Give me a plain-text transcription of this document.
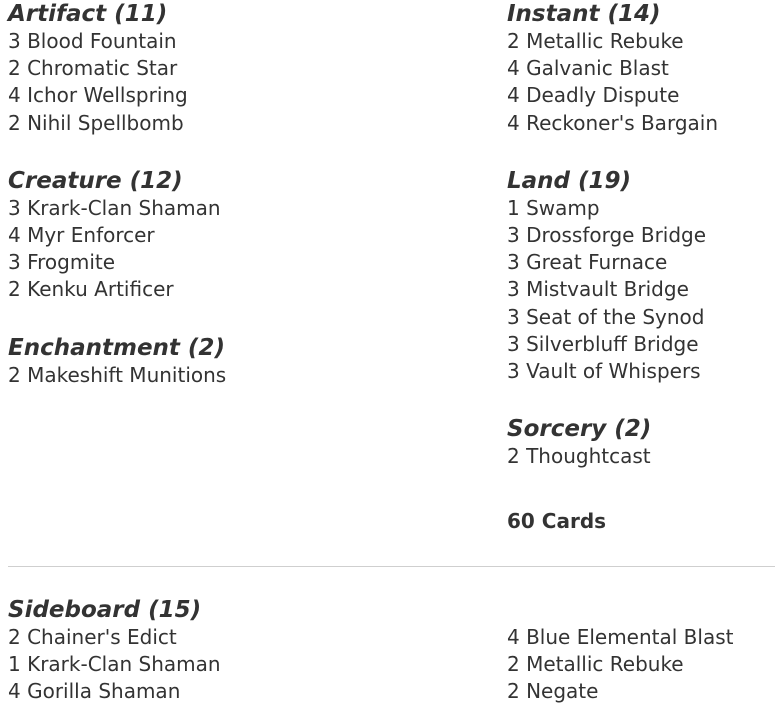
Artifact (11)
3 Blood Fountain
2 Chromatic Star
4 Ichor Wellspring
2 Nihil Spellbomb
Creature (12)
3 Krark-Clan Shaman
4 Myr Enforcer
3 Frogmite
2 Kenku Artificer
Enchantment (2)
2 Makeshift Munitions
Instant (14)
2 Metallic Rebuke
4 Galvanic Blast
4 Deadly Dispute
4 Reckoner's Bargain
Land (19)
1 Swamp
3 Drossforge Bridge
3 Great Furnace
3 Mistvault Bridge
3 Seat of the Synod
3 Silverbluff Bridge
3 Vault of Whispers
Sorcery (2)
2 Thoughtcast
60 Cards
Sideboard (15)
2 Chainer's Edict
1 Krark-Clan Shaman
4 Gorilla Shaman
4 Blue Elemental Blast
2 Metallic Rebuke
2 Negate
